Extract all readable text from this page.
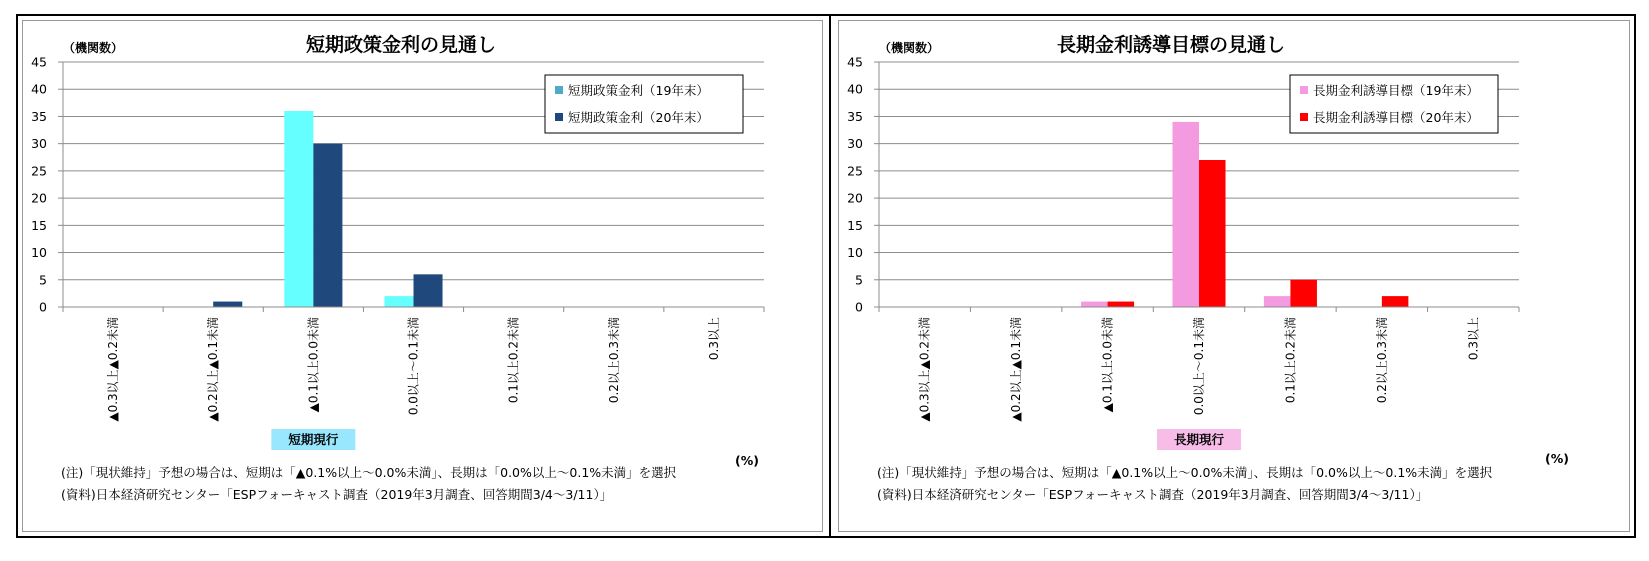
短期政策金利の見通し
（機関数）
0
5
10
15
20
25
30
35
40
45
▲0.3以上▲0.2未満	▲0.2以上▲0.1未満	▲0.1以上0.0未満	0.0以上～0.1未満	0.1以上0.2未満	0.2以上0.3未満	0.3以上
短期現行
(%)
短期政策金利（19年末）
短期政策金利（20年末）
(注)「現状維持」予想の場合は、短期は「▲0.1%以上～0.0%未満」、長期は「0.0%以上～0.1%未満」を選択
(資料)日本経済研究センター「ESPフォーキャスト調査（2019年3月調査、回答期間3/4～3/11）」
長期金利誘導目標の見通し
（機関数）
0
5
10
15
20
25
30
35
40
45
▲0.3以上▲0.2未満	▲0.2以上▲0.1未満	▲0.1以上0.0未満	0.0以上～0.1未満	0.1以上0.2未満	0.2以上0.3未満	0.3以上
長期現行
(%)
長期金利誘導目標（19年末）
長期金利誘導目標（20年末）
(注)「現状維持」予想の場合は、短期は「▲0.1%以上～0.0%未満」、長期は「0.0%以上～0.1%未満」を選択
(資料)日本経済研究センター「ESPフォーキャスト調査（2019年3月調査、回答期間3/4～3/11）」
